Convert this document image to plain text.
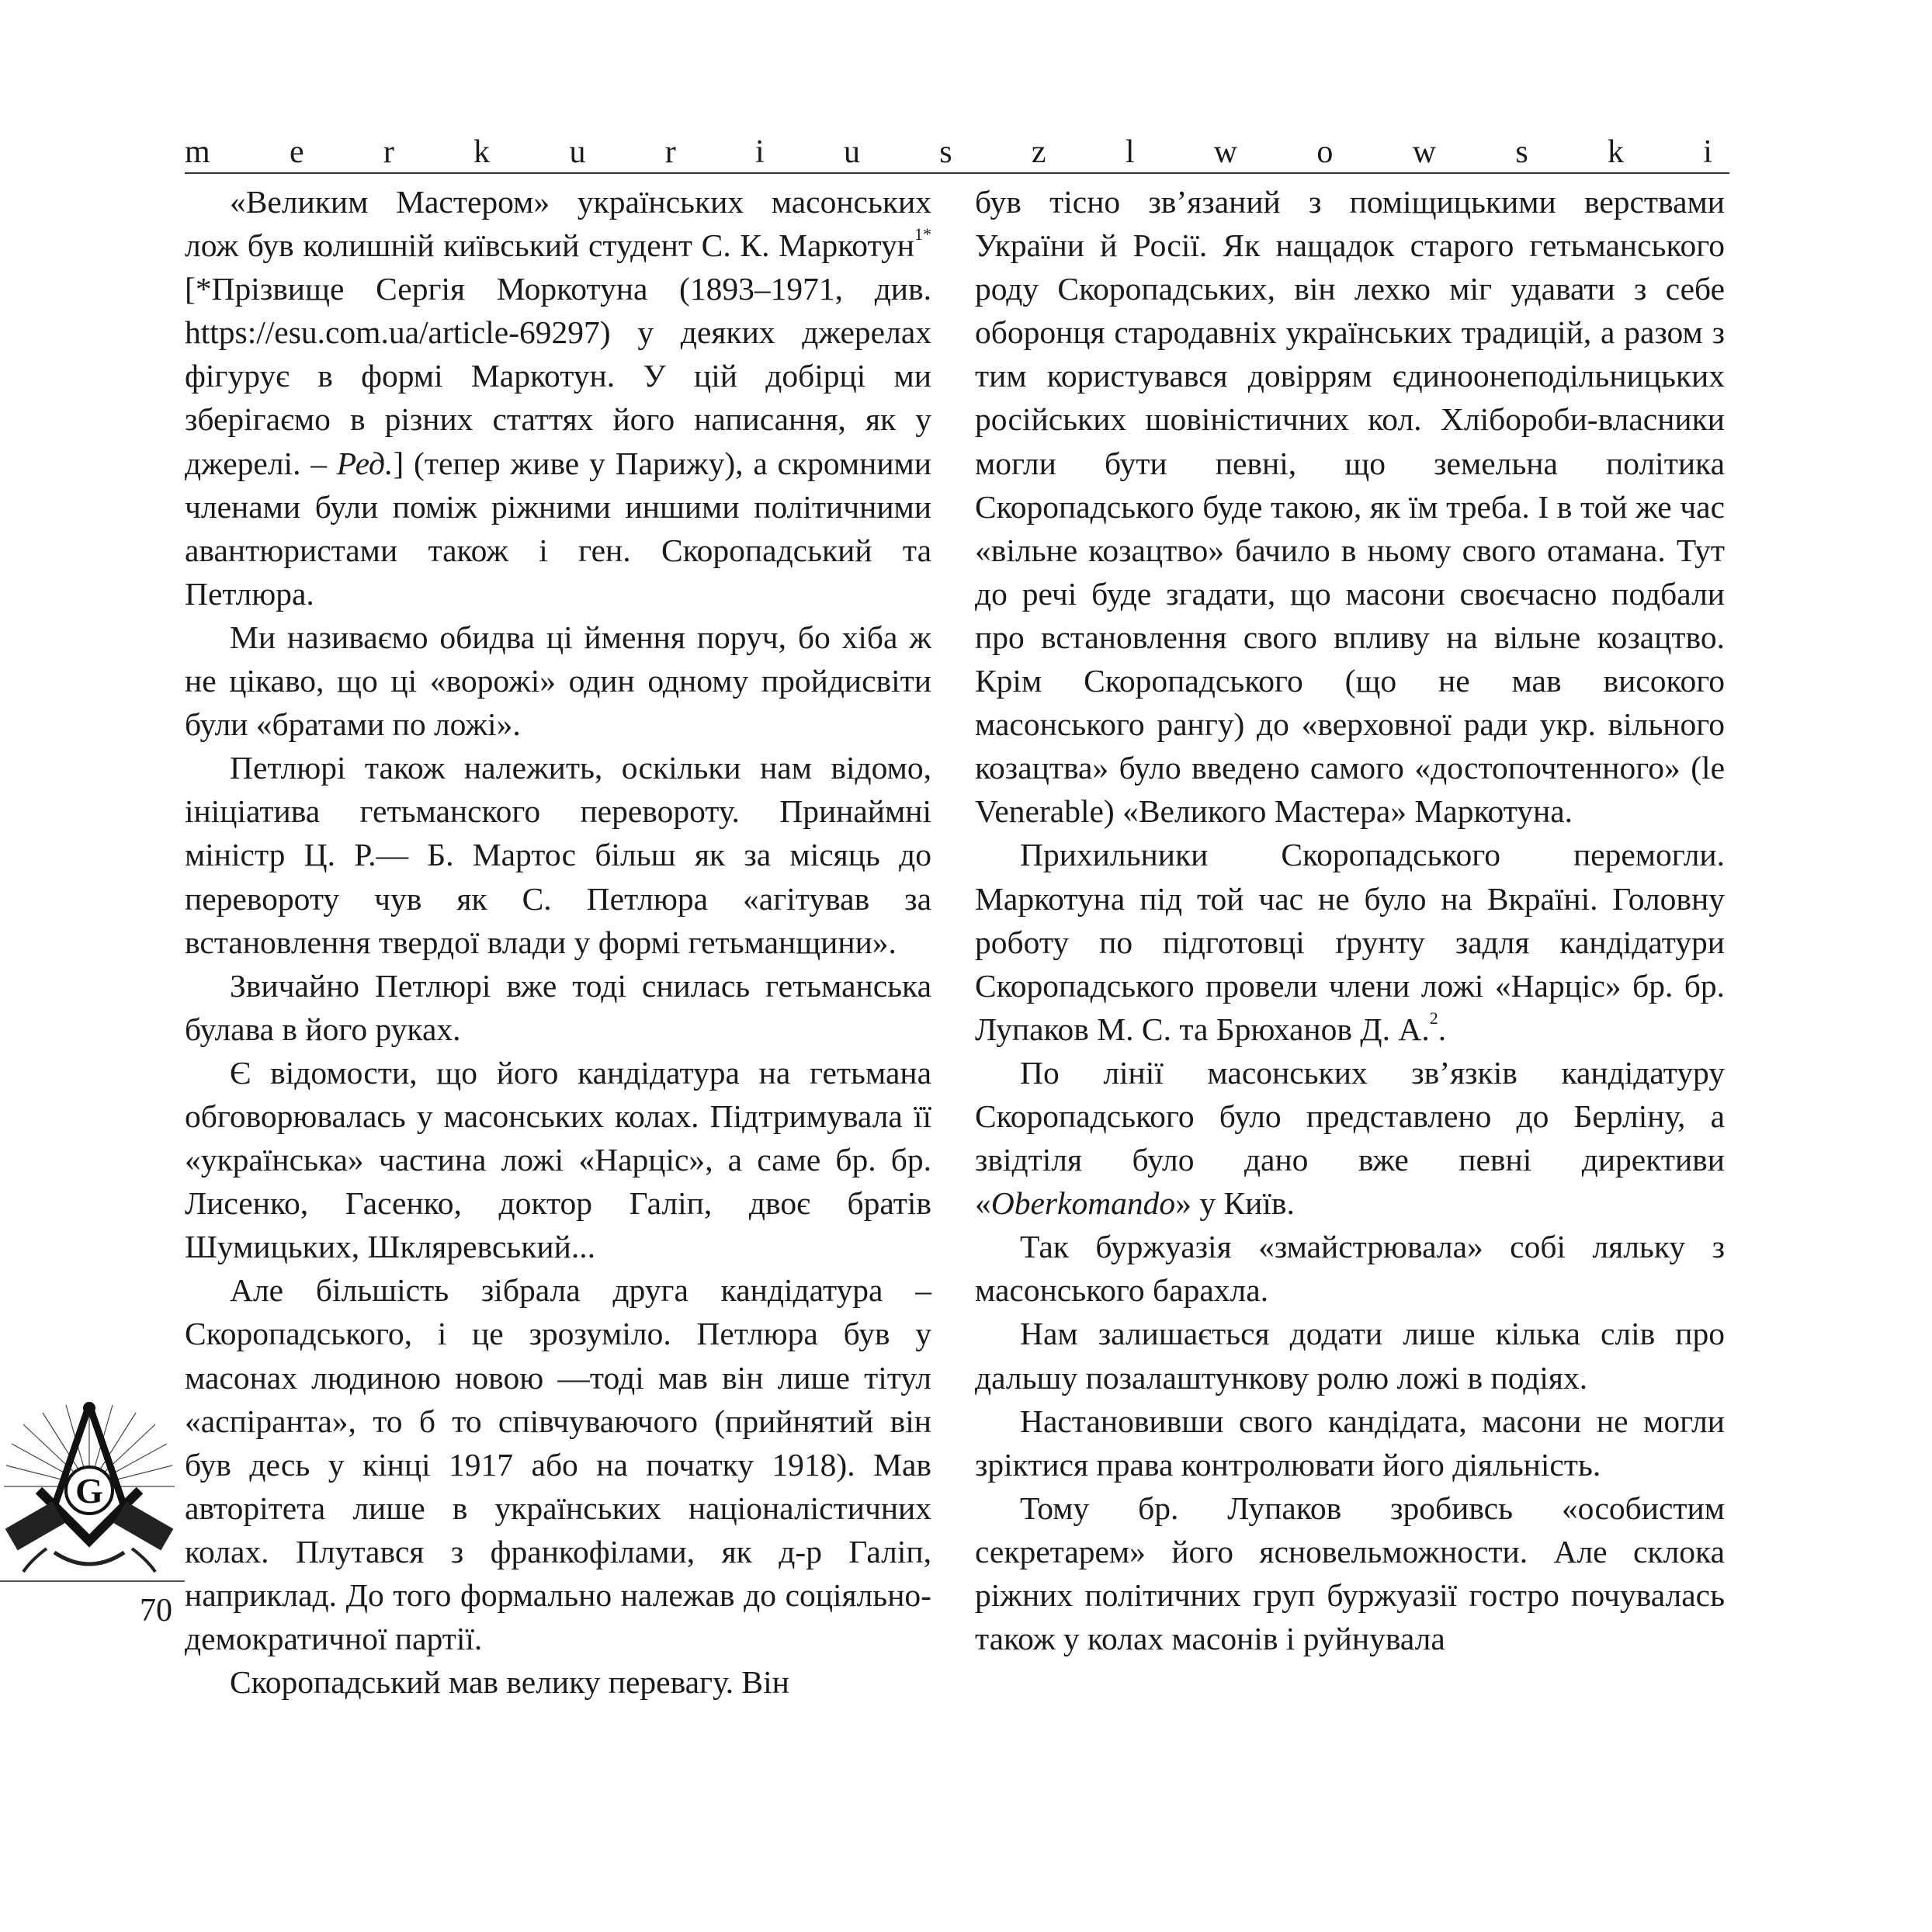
m e r k u r i u s z l w o w s k i

«Великим Мастером» українських масонських лож був колишній київський студент С. К. Маркотун$^{1*}$ [*Прізвище Сергія Моркотуна (1893–1971, див. https://esu.com.ua/article-69297) у деяких джерелах фігурує в формі Маркотун. У цій добірці ми зберігаємо в різних статтях його написання, як у джерелі. – Ред.] (тепер живе у Парижу), а скромними членами були поміж ріжними иншими політичними авантюристами також і ген. Скоропадський та Петлюра.

Ми називаємо обидва ці ймення поруч, бо хіба ж не цікаво, що ці «ворожі» один одному пройдисвіти були «братами по ложі».

Петлюрі також належить, оскільки нам відомо, ініціатива гетьманского перевороту. Принаймні міністр Ц. Р.— Б. Мартос більш як за місяць до перевороту чув як С. Петлюра «агітував за встановлення твердої влади у формі гетьманщини».

Звичайно Петлюрі вже тоді снилась гетьманська булава в його руках.

Є відомости, що його кандідатура на гетьмана обговорювалась у масонських колах. Підтримувала її «українська» частина ложі «Нарціс», а саме бр. бр. Лисенко, Гасенко, доктор Галіп, двоє братів Шумицьких, Шкляревський...

Але більшість зібрала друга кандідатура – Скоропадського, і це зрозуміло. Петлюра був у масонах людиною новою —тоді мав він лише тітул «аспіранта», то б то співчуваючого (прийнятий він був десь у кінці 1917 або на початку 1918). Мав авторітета лише в українських націоналістичних колах. Плутався з франкофілами, як д-р Галіп, наприклад. До того формально належав до соціяльно-демократичної партії.

Скоропадський мав велику перевагу. Він

був тісно зв’язаний з поміщицькими верствами України й Росії. Як нащадок старого гетьманського роду Скоропадських, він лехко міг удавати з себе оборонця стародавніх українських традицій, а разом з тим користувався довіррям єдиноонеподільницьких російських шовіністичних кол. Хлібороби-власники могли бути певні, що земельна політика Скоропадського буде такою, як їм треба. І в той же час «вільне козацтво» бачило в ньому свого отамана. Тут до речі буде згадати, що масони своєчасно подбали про встановлення свого впливу на вільне козацтво. Крім Скоропадського (що не мав високого масонського рангу) до «верховної ради укр. вільного козацтва» було введено самого «достопочтенного» (le Venerable) «Великого Мастера» Маркотуна.

Прихильники Скоропадського перемогли. Маркотуна під той час не було на Вкраїні. Головну роботу по підготовці ґрунту задля кандідатури Скоропадського провели члени ложі «Нарціс» бр. бр. Лупаков М. С. та Брюханов Д. А.$^2$.

По лінії масонських зв’язків кандідатуру Скоропадського було представлено до Берліну, а звідтіля було дано вже певні директиви «Oberkomando» у Київ.

Так буржуазія «змайстрювала» собі ляльку з масонського барахла.

Нам залишається додати лише кілька слів про дальшу позалаштункову ролю ложі в подіях.

Настановивши свого кандідата, масони не могли зріктися права контролювати його діяльність.

Тому бр. Лупаков зробивсь «особистим секретарем» його ясновельможности. Але склока ріжних політичних груп буржуазії гостро почувалась також у колах масонів і руйнувала

G
70
